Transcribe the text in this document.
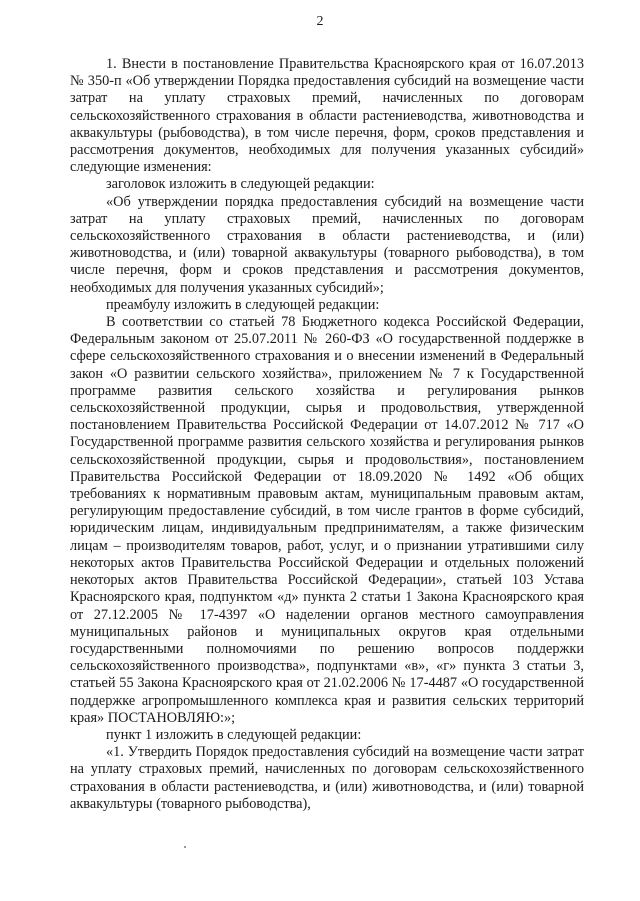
2

1. Внести в постановление Правительства Красноярского края от 16.07.2013 № 350-п «Об утверждении Порядка предоставления субсидий на возмещение части затрат на уплату страховых премий, начисленных по договорам сельскохозяйственного страхования в области растениеводства, животноводства и аквакультуры (рыбоводства), в том числе перечня, форм, сроков представления и рассмотрения документов, необходимых для получения указанных субсидий» следующие изменения:

заголовок изложить в следующей редакции:

«Об утверждении порядка предоставления субсидий на возмещение части затрат на уплату страховых премий, начисленных по договорам сельскохозяйственного страхования в области растениеводства, и (или) животноводства, и (или) товарной аквакультуры (товарного рыбоводства), в том числе перечня, форм и сроков представления и рассмотрения документов, необходимых для получения указанных субсидий»;

преамбулу изложить в следующей редакции:

В соответствии со статьей 78 Бюджетного кодекса Российской Федерации, Федеральным законом от 25.07.2011 № 260-ФЗ «О государственной поддержке в сфере сельскохозяйственного страхования и о внесении изменений в Федеральный закон «О развитии сельского хозяйства», приложением № 7 к Государственной программе развития сельского хозяйства и регулирования рынков сельскохозяйственной продукции, сырья и продовольствия, утвержденной постановлением Правительства Российской Федерации от 14.07.2012 № 717 «О Государственной программе развития сельского хозяйства и регулирования рынков сельскохозяйственной продукции, сырья и продовольствия», постановлением Правительства Российской Федерации от 18.09.2020 № 1492 «Об общих требованиях к нормативным правовым актам, муниципальным правовым актам, регулирующим предоставление субсидий, в том числе грантов в форме субсидий, юридическим лицам, индивидуальным предпринимателям, а также физическим лицам – производителям товаров, работ, услуг, и о признании утратившими силу некоторых актов Правительства Российской Федерации и отдельных положений некоторых актов Правительства Российской Федерации», статьей 103 Устава Красноярского края, подпунктом «д» пункта 2 статьи 1 Закона Красноярского края от 27.12.2005 № 17-4397 «О наделении органов местного самоуправления муниципальных районов и муниципальных округов края отдельными государственными полномочиями по решению вопросов поддержки сельскохозяйственного производства», подпунктами «в», «г» пункта 3 статьи 3, статьей 55 Закона Красноярского края от 21.02.2006 № 17-4487 «О государственной поддержке агропромышленного комплекса края и развития сельских территорий края» ПОСТАНОВЛЯЮ:»;

пункт 1 изложить в следующей редакции:

«1. Утвердить Порядок предоставления субсидий на возмещение части затрат на уплату страховых премий, начисленных по договорам сельскохозяйственного страхования в области растениеводства, и (или) животноводства, и (или) товарной аквакультуры (товарного рыбоводства),
